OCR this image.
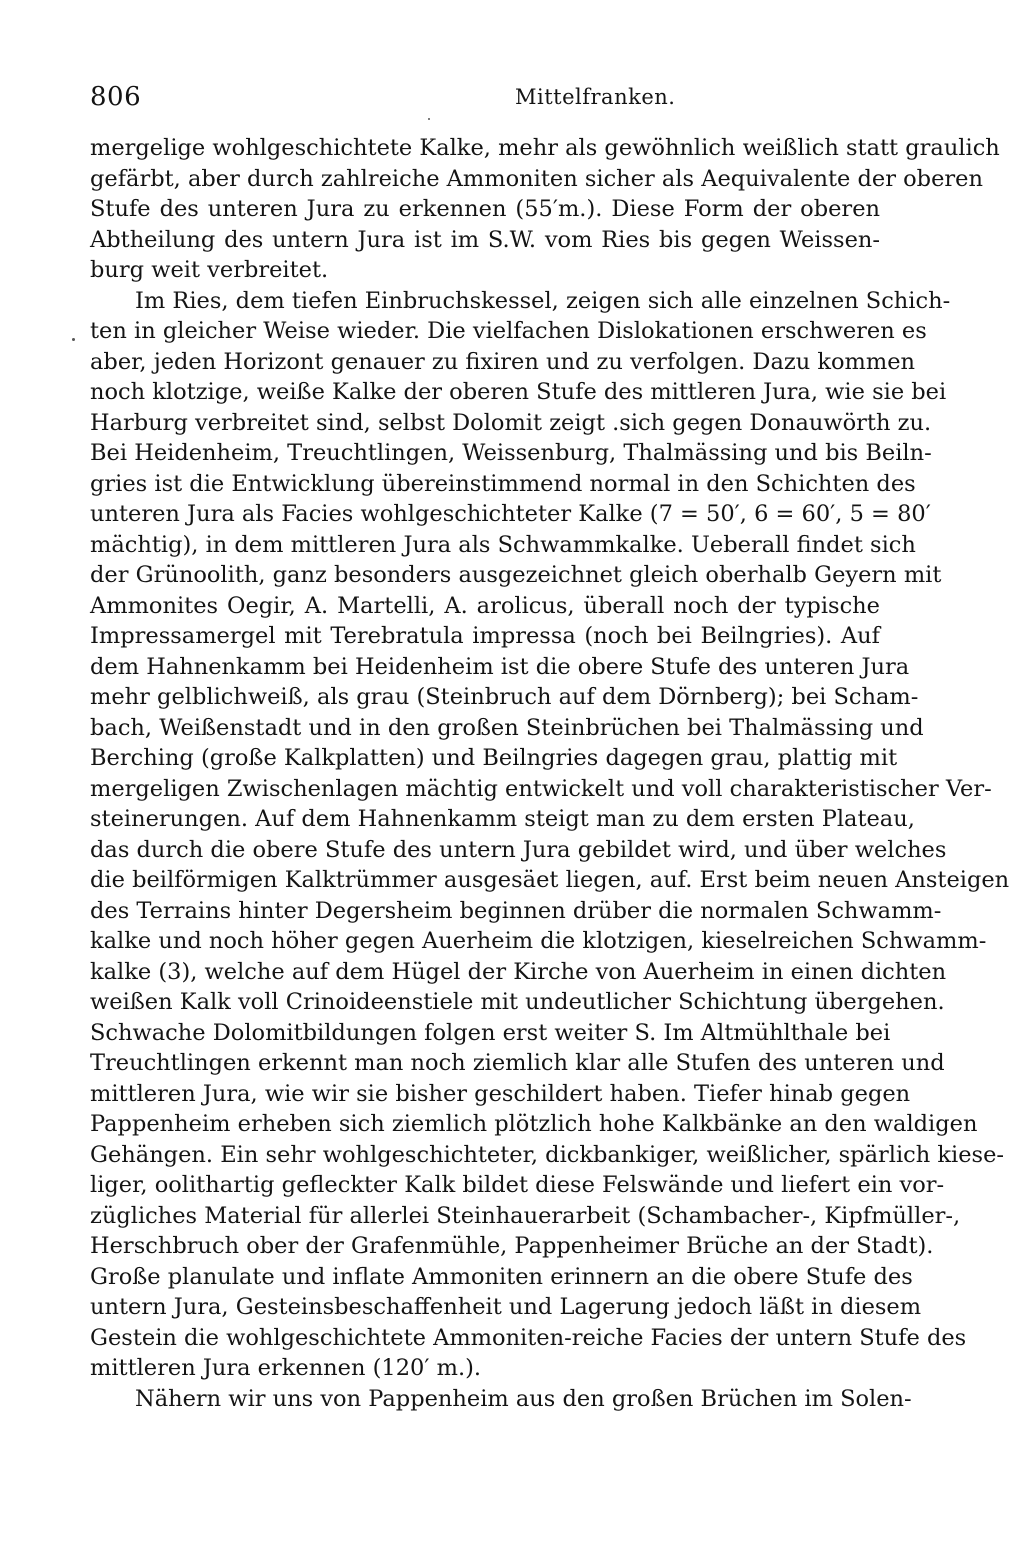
806	Mittelfranken.
mergelige wohlgeschichtete Kalke, mehr als gewöhnlich weißlich statt graulich
gefärbt, aber durch zahlreiche Ammoniten sicher als Aequivalente der oberen
Stufe des unteren Jura zu erkennen (55′m.). Diese Form der oberen
Abtheilung des untern Jura ist im S.W. vom Ries bis gegen Weissen-
burg weit verbreitet.
Im Ries, dem tiefen Einbruchskessel, zeigen sich alle einzelnen Schich-
ten in gleicher Weise wieder. Die vielfachen Dislokationen erschweren es
aber, jeden Horizont genauer zu fixiren und zu verfolgen. Dazu kommen
noch klotzige, weiße Kalke der oberen Stufe des mittleren Jura, wie sie bei
Harburg verbreitet sind, selbst Dolomit zeigt .sich gegen Donauwörth zu.
Bei Heidenheim, Treuchtlingen, Weissenburg, Thalmässing und bis Beiln-
gries ist die Entwicklung übereinstimmend normal in den Schichten des
unteren Jura als Facies wohlgeschichteter Kalke (7 = 50′, 6 = 60′, 5 = 80′
mächtig), in dem mittleren Jura als Schwammkalke. Ueberall findet sich
der Grünoolith, ganz besonders ausgezeichnet gleich oberhalb Geyern mit
Ammonites Oegir, A. Martelli, A. arolicus, überall noch der typische
Impressamergel mit Terebratula impressa (noch bei Beilngries). Auf
dem Hahnenkamm bei Heidenheim ist die obere Stufe des unteren Jura
mehr gelblichweiß, als grau (Steinbruch auf dem Dörnberg); bei Scham-
bach, Weißenstadt und in den großen Steinbrüchen bei Thalmässing und
Berching (große Kalkplatten) und Beilngries dagegen grau, plattig mit
mergeligen Zwischenlagen mächtig entwickelt und voll charakteristischer Ver-
steinerungen. Auf dem Hahnenkamm steigt man zu dem ersten Plateau,
das durch die obere Stufe des untern Jura gebildet wird, und über welches
die beilförmigen Kalktrümmer ausgesäet liegen, auf. Erst beim neuen Ansteigen
des Terrains hinter Degersheim beginnen drüber die normalen Schwamm-
kalke und noch höher gegen Auerheim die klotzigen, kieselreichen Schwamm-
kalke (3), welche auf dem Hügel der Kirche von Auerheim in einen dichten
weißen Kalk voll Crinoideenstiele mit undeutlicher Schichtung übergehen.
Schwache Dolomitbildungen folgen erst weiter S. Im Altmühlthale bei
Treuchtlingen erkennt man noch ziemlich klar alle Stufen des unteren und
mittleren Jura, wie wir sie bisher geschildert haben. Tiefer hinab gegen
Pappenheim erheben sich ziemlich plötzlich hohe Kalkbänke an den waldigen
Gehängen. Ein sehr wohlgeschichteter, dickbankiger, weißlicher, spärlich kiese-
liger, oolithartig gefleckter Kalk bildet diese Felswände und liefert ein vor-
zügliches Material für allerlei Steinhauerarbeit (Schambacher-, Kipfmüller-,
Herschbruch ober der Grafenmühle, Pappenheimer Brüche an der Stadt).
Große planulate und inflate Ammoniten erinnern an die obere Stufe des
untern Jura, Gesteinsbeschaffenheit und Lagerung jedoch läßt in diesem
Gestein die wohlgeschichtete Ammoniten-reiche Facies der untern Stufe des
mittleren Jura erkennen (120′ m.).
Nähern wir uns von Pappenheim aus den großen Brüchen im Solen-
